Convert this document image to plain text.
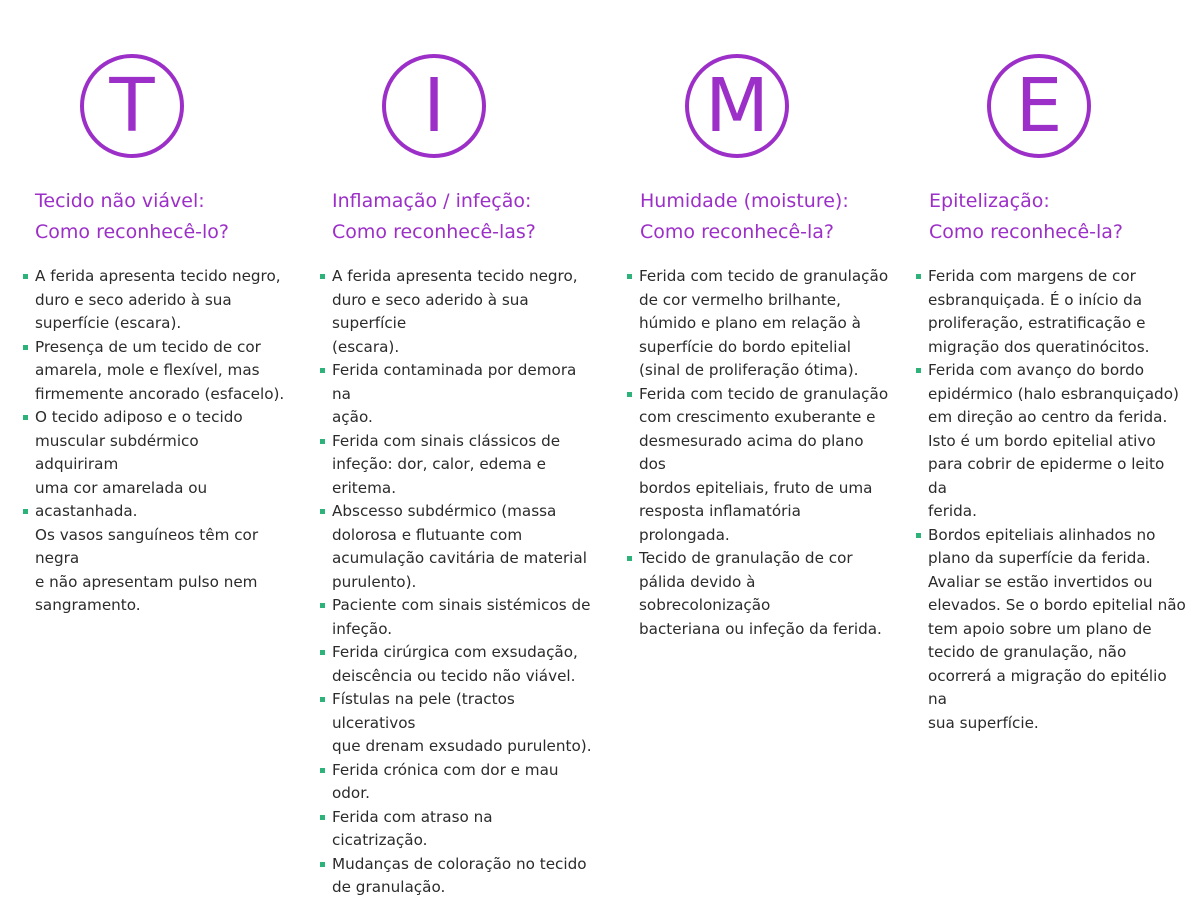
T
Tecido não viável:
Como reconhecê-lo?
A ferida apresenta tecido negro,
duro e seco aderido à sua
superfície (escara).
Presença de um tecido de cor
amarela, mole e flexível, mas
firmemente ancorado (esfacelo).
O tecido adiposo e o tecido
muscular subdérmico adquiriram
uma cor amarelada ou
acastanhada.
Os vasos sanguíneos têm cor negra
e não apresentam pulso nem
sangramento.
I
Inflamação / infeção:
Como reconhecê-las?
A ferida apresenta tecido negro,
duro e seco aderido à sua superfície
(escara).
Ferida contaminada por demora na
ação.
Ferida com sinais clássicos de
infeção: dor, calor, edema e eritema.
Abscesso subdérmico (massa
dolorosa e flutuante com
acumulação cavitária de material
purulento).
Paciente com sinais sistémicos de
infeção.
Ferida cirúrgica com exsudação,
deiscência ou tecido não viável.
Fístulas na pele (tractos ulcerativos
que drenam exsudado purulento).
Ferida crónica com dor e mau odor.
Ferida com atraso na cicatrização.
Mudanças de coloração no tecido
de granulação.
M
Humidade (moisture):
Como reconhecê-la?
Ferida com tecido de granulação
de cor vermelho brilhante,
húmido e plano em relação à
superfície do bordo epitelial
(sinal de proliferação ótima).
Ferida com tecido de granulação
com crescimento exuberante e
desmesurado acima do plano dos
bordos epiteliais, fruto de uma
resposta inflamatória
prolongada.
Tecido de granulação de cor
pálida devido à sobrecolonização
bacteriana ou infeção da ferida.
E
Epitelização:
Como reconhecê-la?
Ferida com margens de cor
esbranquiçada. É o início da
proliferação, estratificação e
migração dos queratinócitos.
Ferida com avanço do bordo
epidérmico (halo esbranquiçado)
em direção ao centro da ferida.
Isto é um bordo epitelial ativo
para cobrir de epiderme o leito da
ferida.
Bordos epiteliais alinhados no
plano da superfície da ferida.
Avaliar se estão invertidos ou
elevados. Se o bordo epitelial não
tem apoio sobre um plano de
tecido de granulação, não
ocorrerá a migração do epitélio na
sua superfície.
